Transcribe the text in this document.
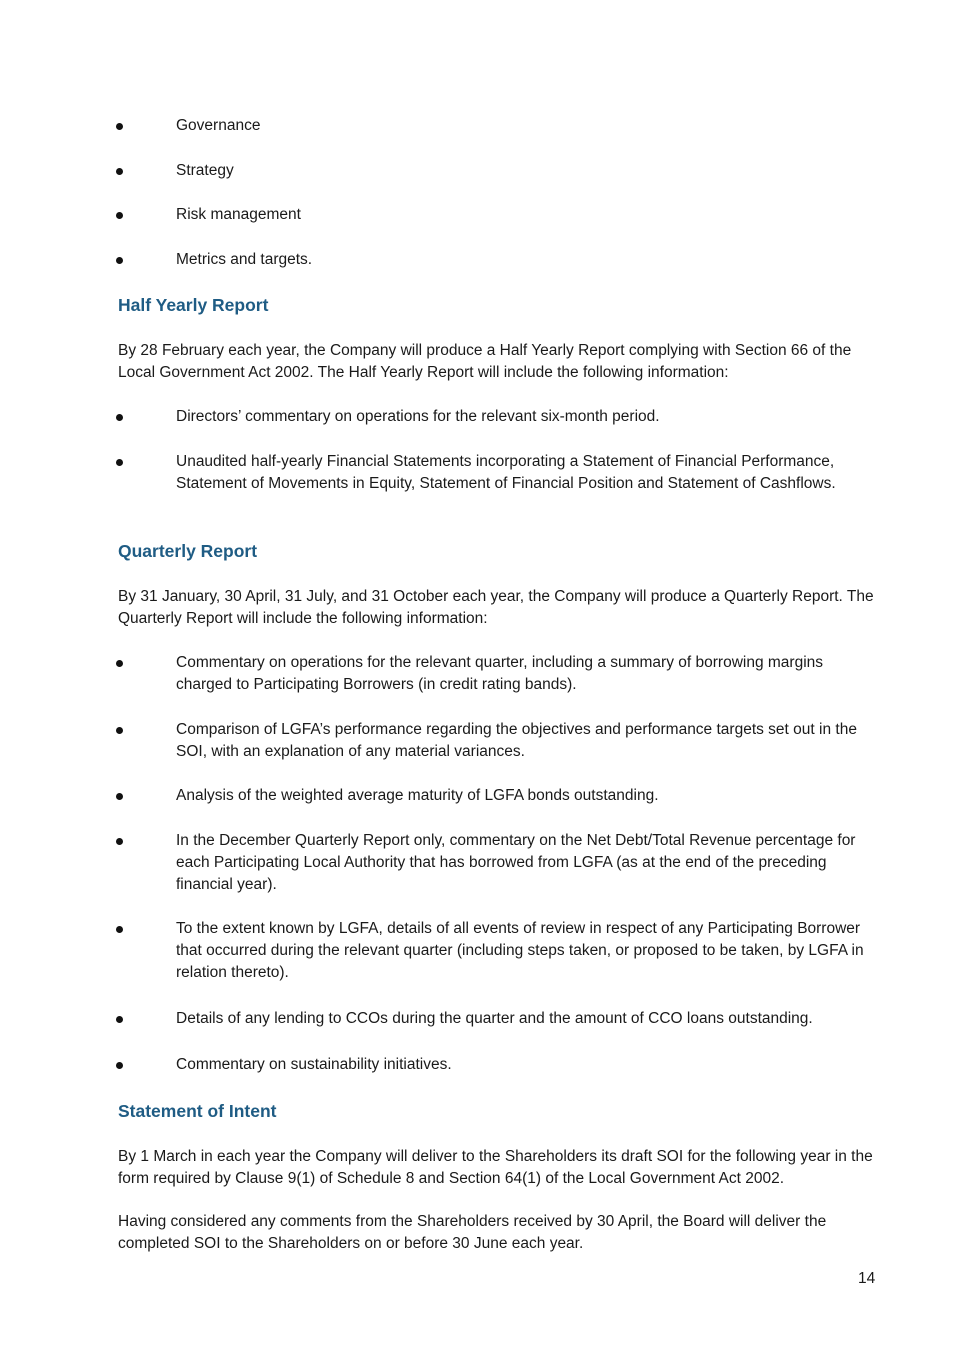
Governance
Strategy
Risk management
Metrics and targets.
Half Yearly Report
By 28 February each year, the Company will produce a Half Yearly Report complying with Section 66 of the Local Government Act 2002. The Half Yearly Report will include the following information:
Directors’ commentary on operations for the relevant six-month period.
Unaudited half-yearly Financial Statements incorporating a Statement of Financial Performance, Statement of Movements in Equity, Statement of Financial Position and Statement of Cashflows.
Quarterly Report
By 31 January, 30 April, 31 July, and 31 October each year, the Company will produce a Quarterly Report. The Quarterly Report will include the following information:
Commentary on operations for the relevant quarter, including a summary of borrowing margins charged to Participating Borrowers (in credit rating bands).
Comparison of LGFA’s performance regarding the objectives and performance targets set out in the SOI, with an explanation of any material variances.
Analysis of the weighted average maturity of LGFA bonds outstanding.
In the December Quarterly Report only, commentary on the Net Debt/Total Revenue percentage for each Participating Local Authority that has borrowed from LGFA (as at the end of the preceding financial year).
To the extent known by LGFA, details of all events of review in respect of any Participating Borrower that occurred during the relevant quarter (including steps taken, or proposed to be taken, by LGFA in relation thereto).
Details of any lending to CCOs during the quarter and the amount of CCO loans outstanding.
Commentary on sustainability initiatives.
Statement of Intent
By 1 March in each year the Company will deliver to the Shareholders its draft SOI for the following year in the form required by Clause 9(1) of Schedule 8 and Section 64(1) of the Local Government Act 2002.
Having considered any comments from the Shareholders received by 30 April, the Board will deliver the completed SOI to the Shareholders on or before 30 June each year.
14
